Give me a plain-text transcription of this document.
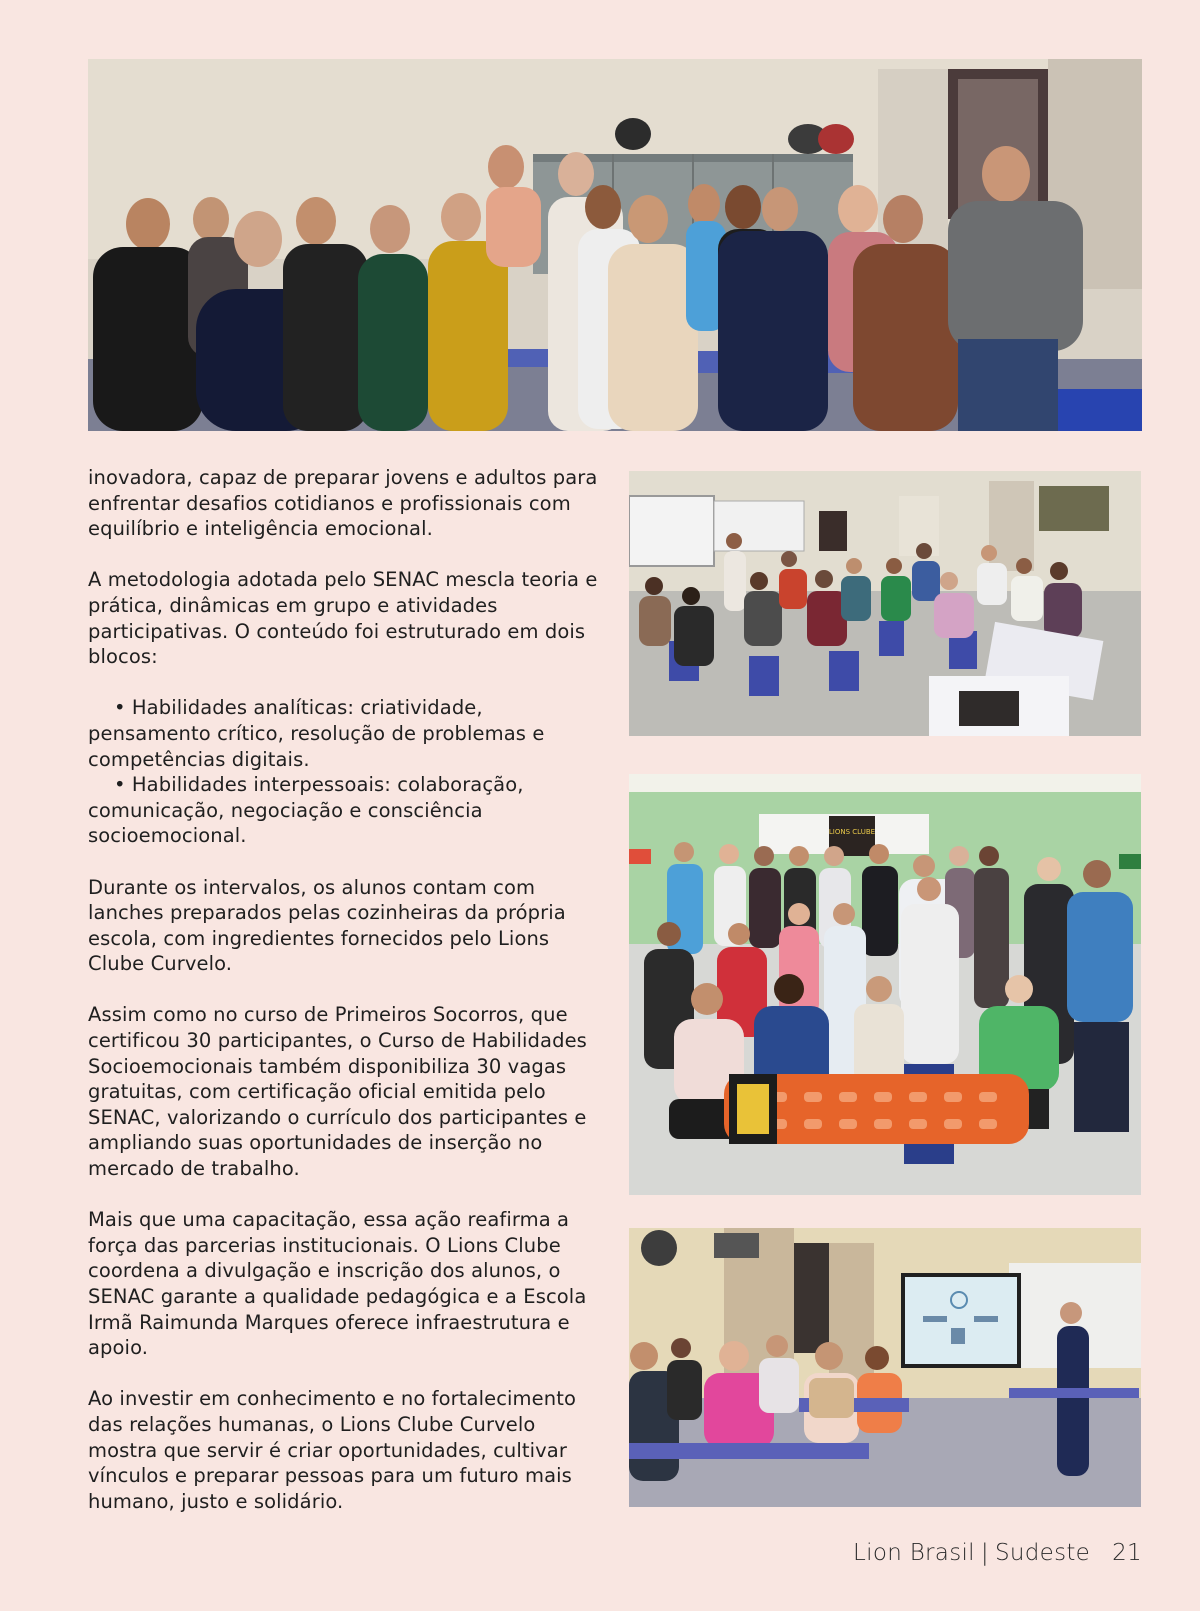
inovadora, capaz de preparar jovens e adultos para enfrentar desafios cotidianos e profissionais com equilíbrio e inteligência emocional.

A metodologia adotada pelo SENAC mescla teoria e prática, dinâmicas em grupo e atividades participativas. O conteúdo foi estruturado em dois blocos:

• Habilidades analíticas: criatividade, pensamento crítico, resolução de problemas e competências digitais.

• Habilidades interpessoais: colaboração, comunicação, negociação e consciência socioemocional.

Durante os intervalos, os alunos contam com lanches preparados pelas cozinheiras da própria escola, com ingredientes fornecidos pelo Lions Clube Curvelo.

Assim como no curso de Primeiros Socorros, que certificou 30 participantes, o Curso de Habilidades Socioemocionais também disponibiliza 30 vagas gratuitas, com certificação oficial emitida pelo SENAC, valorizando o currículo dos participantes e ampliando suas oportunidades de inserção no mercado de trabalho.

Mais que uma capacitação, essa ação reafirma a força das parcerias institucionais. O Lions Clube coordena a divulgação e inscrição dos alunos, o SENAC garante a qualidade pedagógica e a Escola Irmã Raimunda Marques oferece infraestrutura e apoio.

Ao investir em conhecimento e no fortalecimento das relações humanas, o Lions Clube Curvelo mostra que servir é criar oportunidades, cultivar vínculos e preparar pessoas para um futuro mais humano, justo e solidário.

LIONS CLUBE
Lion Brasil | Sudeste 21
